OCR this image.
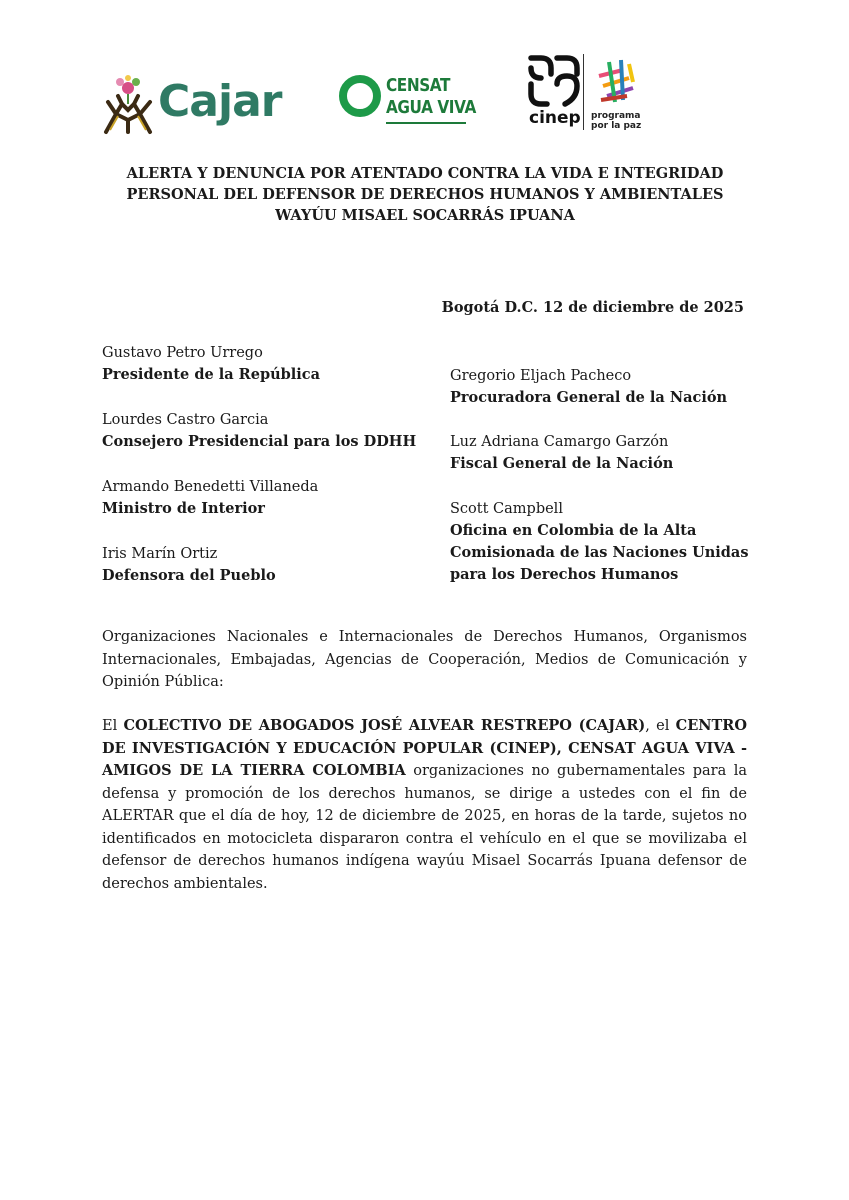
Cajar	CENSAT
AGUA VIVA	cinep programa
por la paz
ALERTA Y DENUNCIA POR ATENTADO CONTRA LA VIDA E INTEGRIDAD
PERSONAL DEL DEFENSOR DE DERECHOS HUMANOS Y AMBIENTALES
WAYÚU MISAEL SOCARRÁS IPUANA
Bogotá D.C. 12 de diciembre de 2025
Gustavo Petro Urrego
Presidente de la República
Lourdes Castro Garcia
Consejero Presidencial para los DDHH
Armando Benedetti Villaneda
Ministro de Interior
Iris Marín Ortiz
Defensora del Pueblo
Gregorio Eljach Pacheco
Procuradora General de la Nación
Luz Adriana Camargo Garzón
Fiscal General de la Nación
Scott Campbell
Oficina en Colombia de la Alta Comisionada de las Naciones Unidas para los Derechos Humanos

Organizaciones Nacionales e Internacionales de Derechos Humanos, Organismos Internacionales, Embajadas, Agencias de Cooperación, Medios de Comunicación y Opinión Pública:

El COLECTIVO DE ABOGADOS JOSÉ ALVEAR RESTREPO (CAJAR), el CENTRO DE INVESTIGACIÓN Y EDUCACIÓN POPULAR (CINEP), CENSAT AGUA VIVA - AMIGOS DE LA TIERRA COLOMBIA organizaciones no gubernamentales para la defensa y promoción de los derechos humanos, se dirige a ustedes con el fin de ALERTAR que el día de hoy, 12 de diciembre de 2025, en horas de la tarde, sujetos no identificados en motocicleta dispararon contra el vehículo en el que se movilizaba el defensor de derechos humanos indígena wayúu Misael Socarrás Ipuana defensor de derechos ambientales.
